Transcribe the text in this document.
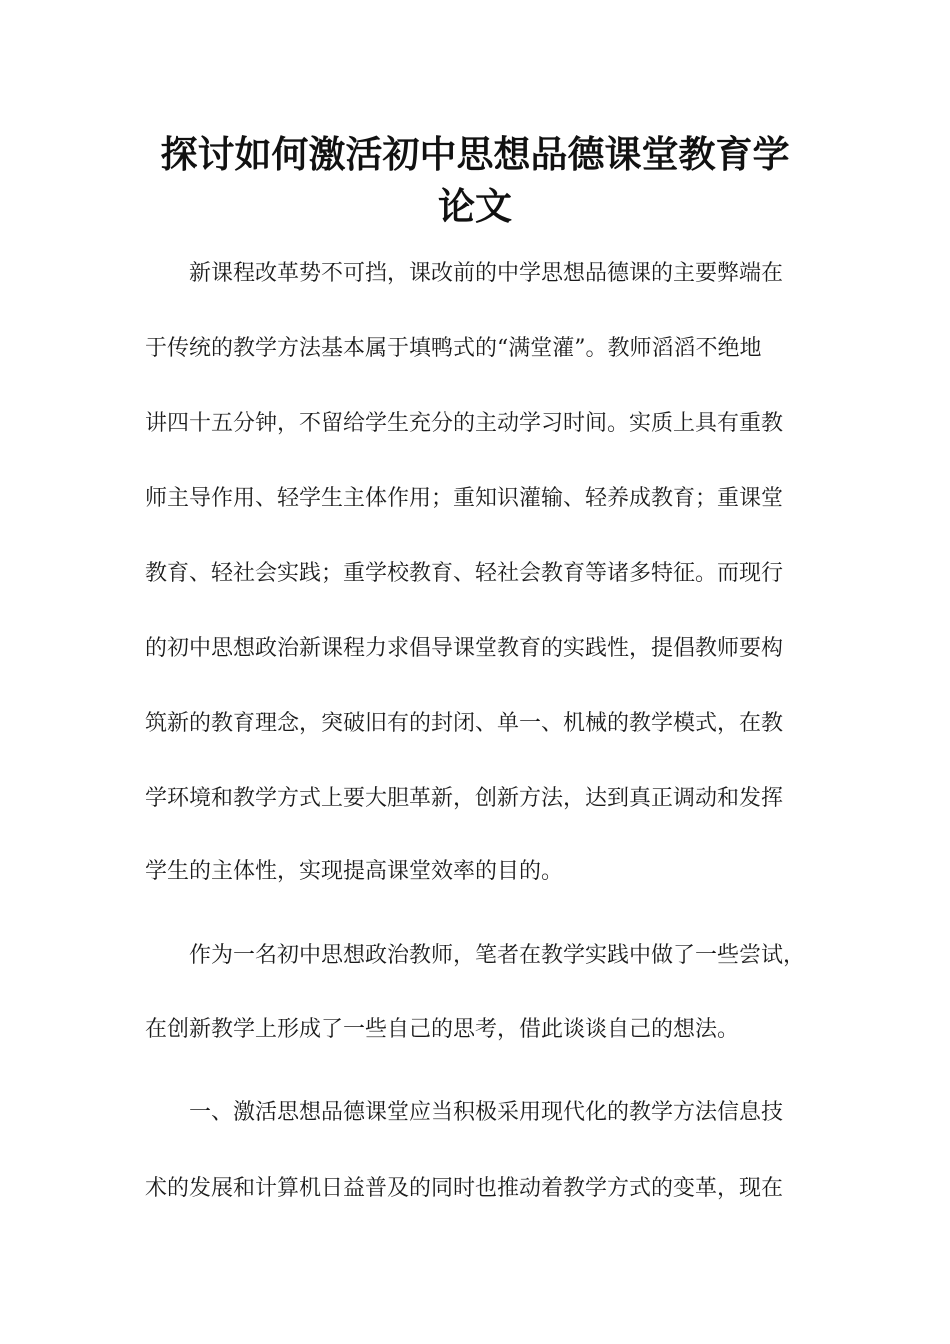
探讨如何激活初中思想品德课堂教育学
论文

新课程改革势不可挡，课改前的中学思想品德课的主要弊端在

于传统的教学方法基本属于填鸭式的“满堂灌”。教师滔滔不绝地

讲四十五分钟，不留给学生充分的主动学习时间。实质上具有重教

师主导作用、轻学生主体作用；重知识灌输、轻养成教育；重课堂

教育、轻社会实践；重学校教育、轻社会教育等诸多特征。而现行

的初中思想政治新课程力求倡导课堂教育的实践性，提倡教师要构

筑新的教育理念，突破旧有的封闭、单一、机械的教学模式，在教

学环境和教学方式上要大胆革新，创新方法，达到真正调动和发挥

学生的主体性，实现提高课堂效率的目的。

作为一名初中思想政治教师，笔者在教学实践中做了一些尝试，

在创新教学上形成了一些自己的思考，借此谈谈自己的想法。

一、激活思想品德课堂应当积极采用现代化的教学方法信息技

术的发展和计算机日益普及的同时也推动着教学方式的变革，现在
